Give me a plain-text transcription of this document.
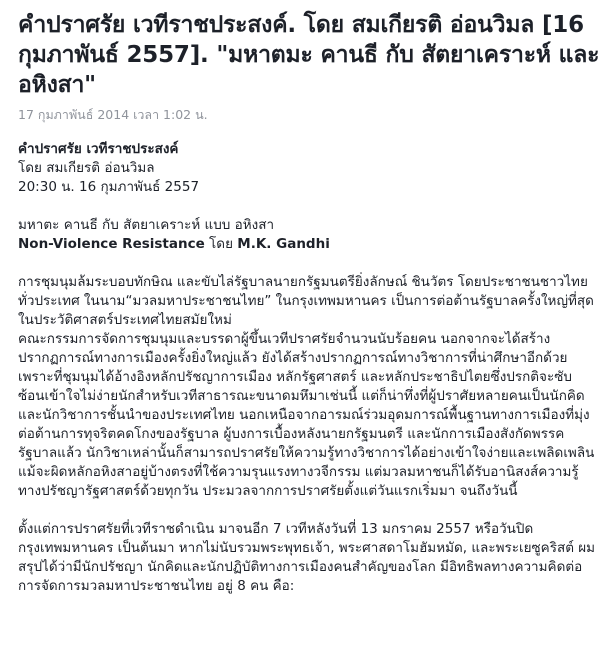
คำปราศรัย เวทีราชประสงค์. โดย สมเกียรติ อ่อนวิมล [16 กุมภาพันธ์ 2557]. "มหาตมะ คานธี กับ สัตยาเคราะห์ และ อหิงสา"
17 กุมภาพันธ์ 2014 เวลา 1:02 น.

คำปราศรัย เวทีราชประสงค์

โดย สมเกียรติ อ่อนวิมล

20:30 น. 16 กุมภาพันธ์ 2557

มหาตะ คานธี กับ สัตยาเคราะห์ แบบ อหิงสา

Non-Violence Resistance โดย M.K. Gandhi

การชุมนุมล้มระบอบทักษิณ และขับไล่รัฐบาลนายกรัฐมนตรียิ่งลักษณ์ ชินวัตร โดยประชาชนชาวไทยทั่วประเทศ ในนาม“มวลมหาประชาชนไทย” ในกรุงเทพมหานคร เป็นการต่อต้านรัฐบาลครั้งใหญ่ที่สุดในประวัติศาสตร์ประเทศไทยสมัยใหม่

คณะกรรมการจัดการชุมนุมและบรรดาผู้ขึ้นเวทีปราศรัยจำนวนนับร้อยคน นอกจากจะได้สร้างปรากฏการณ์ทางการเมืองครั้งยิ่งใหญ่แล้ว ยังได้สร้างปรากฏการณ์ทางวิชาการที่น่าศึกษาอีกด้วย เพราะที่ชุมนุมได้อ้างอิงหลักปรัชญาการเมือง หลักรัฐศาสตร์ และหลักประชาธิปไตยซึ่งปรกติจะซับซ้อนเข้าใจไม่ง่ายนักสำหรับเวทีสาธารณะขนาดมหึมาเช่นนี้ แต่ก็น่าทึ่งที่ผู้ปราศัยหลายคนเป็นนักคิดและนักวิชาการชั้นนำของประเทศไทย นอกเหนือจากอารมณ์ร่วมอุดมการณ์พื้นฐานทางการเมืองที่มุ่งต่อต้านการทุจริตคดโกงของรัฐบาล ผู้บงการเบื้องหลังนายกรัฐมนตรี และนักการเมืองสังกัดพรรครัฐบาลแล้ว นักวิชาเหล่านั้นก็สามารถปราศรัยให้ความรู้ทางวิชาการได้อย่างเข้าใจง่ายและเพลิดเพลิน แม้จะผิดหลักอหิงสาอยู่บ้างตรงที่ใช้ความรุนแรงทางวจีกรรม แต่มวลมหาชนก็ได้รับอานิสงส์ความรู้ทางปรัชญารัฐศาสตร์ด้วยทุกวัน ประมวลจากการปราศรัยตั้งแต่วันแรกเริ่มมา จนถึงวันนี้

ตั้งแต่การปราศรัยที่เวทีราชดำเนิน มาจนอีก 7 เวทีหลังวันที่ 13 มกราคม 2557 หรือวันปิดกรุงเทพมหานคร เป็นต้นมา หากไม่นับรวมพระพุทธเจ้า, พระศาสดาโมฮัมหมัด, และพระเยซูคริสต์ ผมสรุปได้ว่ามีนักปรัชญา นักคิดและนักปฏิบัติทางการเมืองคนสำคัญของโลก มีอิทธิพลทางความคิดต่อการจัดการมวลมหาประชาชนไทย อยู่ 8 คน คือ:
